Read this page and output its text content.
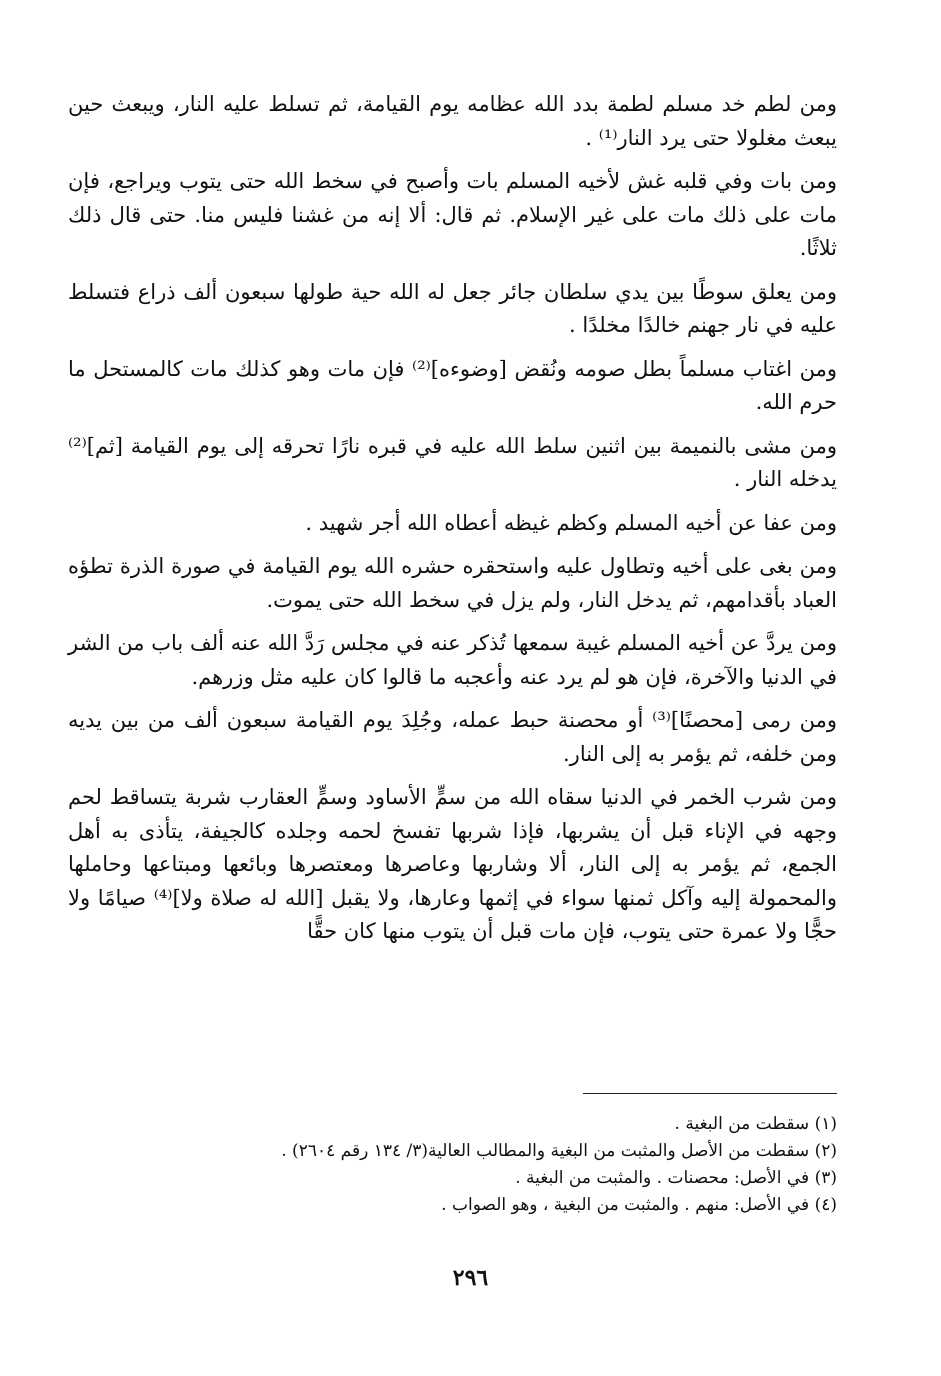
ومن لطم خد مسلم لطمة بدد الله عظامه يوم القيامة، ثم تسلط عليه النار، ويبعث حين يبعث مغلولا حتى يرد النار⁽¹⁾ .

ومن بات وفي قلبه غش لأخيه المسلم بات وأصبح في سخط الله حتى يتوب ويراجع، فإن مات على ذلك مات على غير الإسلام. ثم قال: ألا إنه من غشنا فليس منا. حتى قال ذلك ثلاثًا.

ومن يعلق سوطًا بين يدي سلطان جائر جعل له الله حية طولها سبعون ألف ذراع فتسلط عليه في نار جهنم خالدًا مخلدًا .

ومن اغتاب مسلماً بطل صومه ونُقض [وضوءه]⁽²⁾ فإن مات وهو كذلك مات كالمستحل ما حرم الله.

ومن مشى بالنميمة بين اثنين سلط الله عليه في قبره نارًا تحرقه إلى يوم القيامة [ثم]⁽²⁾ يدخله النار .

ومن عفا عن أخيه المسلم وكظم غيظه أعطاه الله أجر شهيد .

ومن بغى على أخيه وتطاول عليه واستحقره حشره الله يوم القيامة في صورة الذرة تطؤه العباد بأقدامهم، ثم يدخل النار، ولم يزل في سخط الله حتى يموت.

ومن يردَّ عن أخيه المسلم غيبة سمعها تُذكر عنه في مجلس رَدَّ الله عنه ألف باب من الشر في الدنيا والآخرة، فإن هو لم يرد عنه وأعجبه ما قالوا كان عليه مثل وزرهم.

ومن رمى [محصنًا]⁽³⁾ أو محصنة حبط عمله، وجُلِدَ يوم القيامة سبعون ألف من بين يديه ومن خلفه، ثم يؤمر به إلى النار.

ومن شرب الخمر في الدنيا سقاه الله من سمٍّ الأساود وسمٍّ العقارب شربة يتساقط لحم وجهه في الإناء قبل أن يشربها، فإذا شربها تفسخ لحمه وجلده كالجيفة، يتأذى به أهل الجمع، ثم يؤمر به إلى النار، ألا وشاربها وعاصرها ومعتصرها وبائعها ومبتاعها وحاملها والمحمولة إليه وآكل ثمنها سواء في إثمها وعارها، ولا يقبل [الله له صلاة ولا]⁽⁴⁾ صيامًا ولا حجًّا ولا عمرة حتى يتوب، فإن مات قبل أن يتوب منها كان حقًّا

(١) سقطت من البغية .
(٢) سقطت من الأصل والمثبت من البغية والمطالب العالية(٣/ ١٣٤ رقم ٢٦٠٤) .
(٣) في الأصل: محصنات . والمثبت من البغية .
(٤) في الأصل: منهم . والمثبت من البغية ، وهو الصواب .
٢٩٦
